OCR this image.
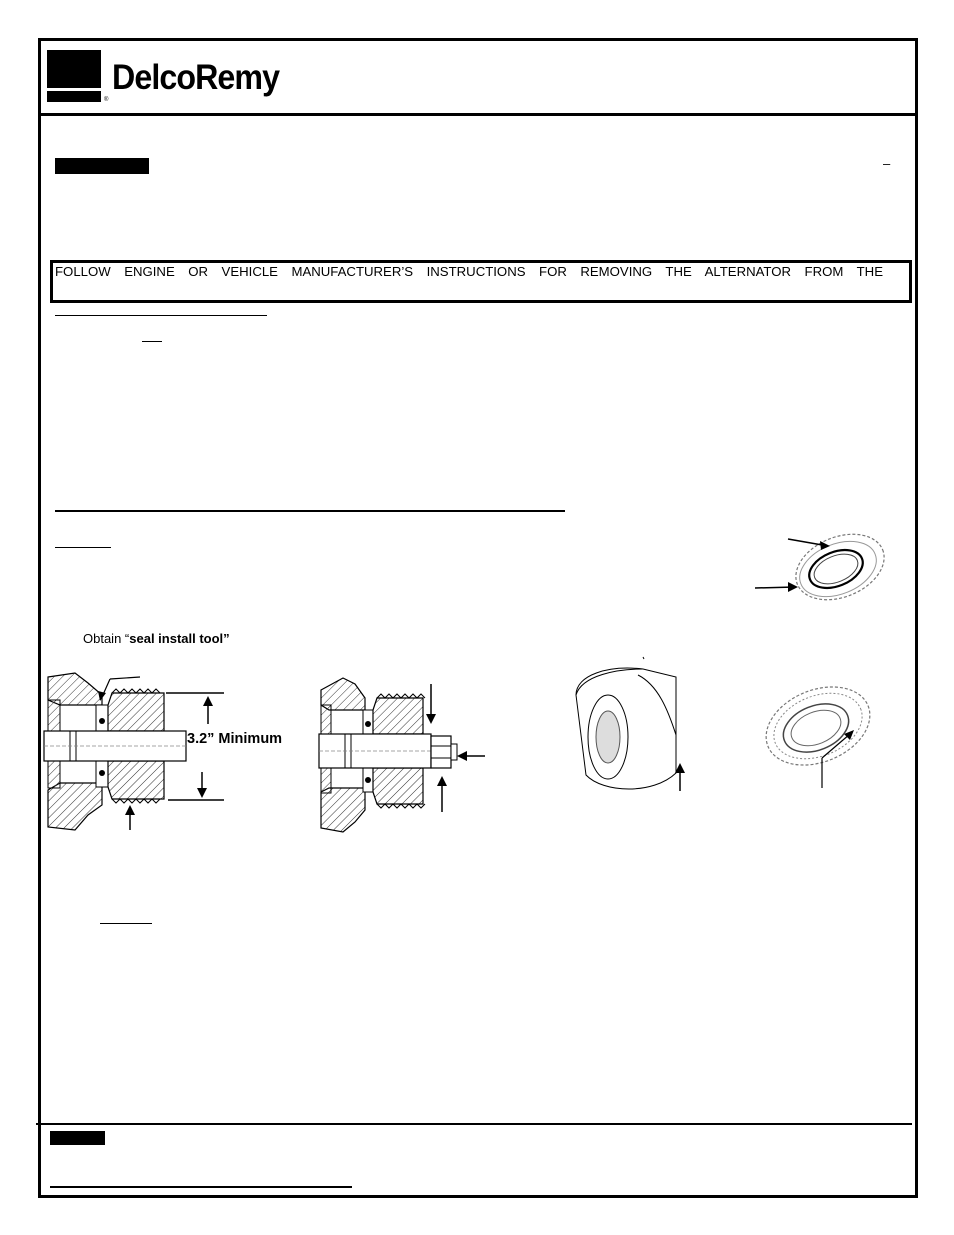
DelcoRemy
®
–
FOLLOW ENGINE OR VEHICLE MANUFACTURER’S INSTRUCTIONS FOR REMOVING THE ALTERNATOR FROM THE
Obtain “seal install tool”
3.2” Minimum
